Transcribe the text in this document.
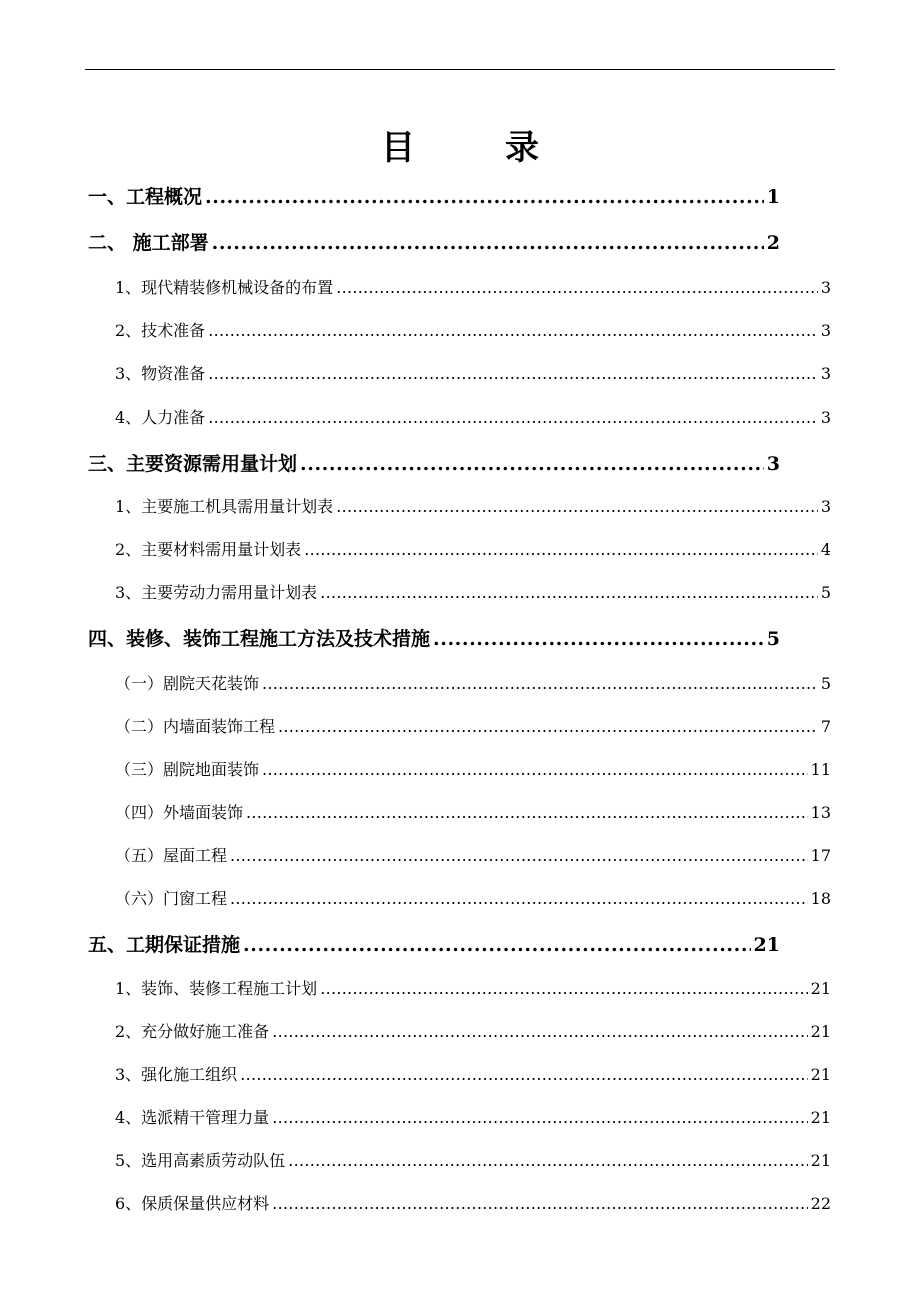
目	录
一、工程概况 .....	1
二、 施工部署 .....	2
1、现代精装修机械设备的布置 .....	3
2、技术准备 .....	3
3、物资准备 .....	3
4、人力准备 .....	3
三、主要资源需用量计划 .....	3
1、主要施工机具需用量计划表 .....	3
2、主要材料需用量计划表 .....	4
3、主要劳动力需用量计划表 .....	5
四、装修、装饰工程施工方法及技术措施 .....	5
（一）剧院天花装饰 .....	5
（二）内墙面装饰工程 .....	7
（三）剧院地面装饰 .....	11
（四）外墙面装饰 .....	13
（五）屋面工程 .....	17
（六）门窗工程 .....	18
五、工期保证措施 .....	21
1、装饰、装修工程施工计划 .....	21
2、充分做好施工准备 .....	21
3、强化施工组织 .....	21
4、选派精干管理力量 .....	21
5、选用高素质劳动队伍 .....	21
6、保质保量供应材料 .....	22
